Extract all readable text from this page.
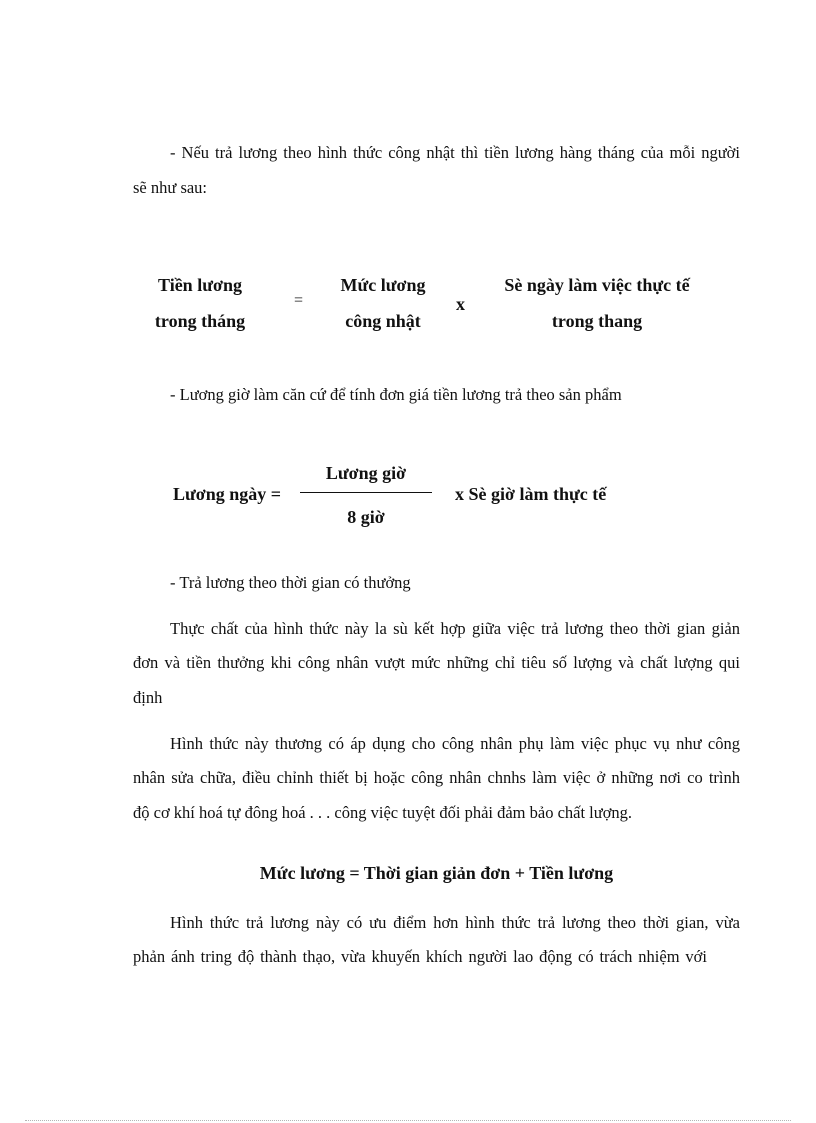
- Nếu trả lương theo hình thức công nhật thì tiền lương hàng tháng của mỗi người
sẽ như sau:
Tiền lương
trong tháng
=
Mức lương
công nhật
x
Sè ngày làm việc thực tế
trong thang
- Lương giờ làm căn cứ để tính đơn giá tiền lương trả theo sản phẩm
Lương ngày =
Lương giờ
8 giờ
x Sè giờ làm thực tế
- Trả lương theo thời gian có thưởng
Thực chất của hình thức này la sù kết hợp giữa việc trả lương theo thời gian giản
đơn và tiền thưởng khi công nhân vượt mức những chỉ tiêu số lượng và chất lượng qui
định
Hình thức này thương có áp dụng cho công nhân phụ làm việc phục vụ như công
nhân sửa chữa, điều chỉnh thiết bị hoặc công nhân chnhs làm việc ở những nơi co trình
độ cơ khí hoá tự đông hoá . . . công việc tuyệt đối phải đảm bảo chất lượng.
Mức lương = Thời gian giản đơn + Tiền lương
Hình thức trả lương này có ưu điểm hơn hình thức trả lương theo thời gian, vừa
phản ánh tring độ thành thạo, vừa khuyến khích người lao động có trách nhiệm với
